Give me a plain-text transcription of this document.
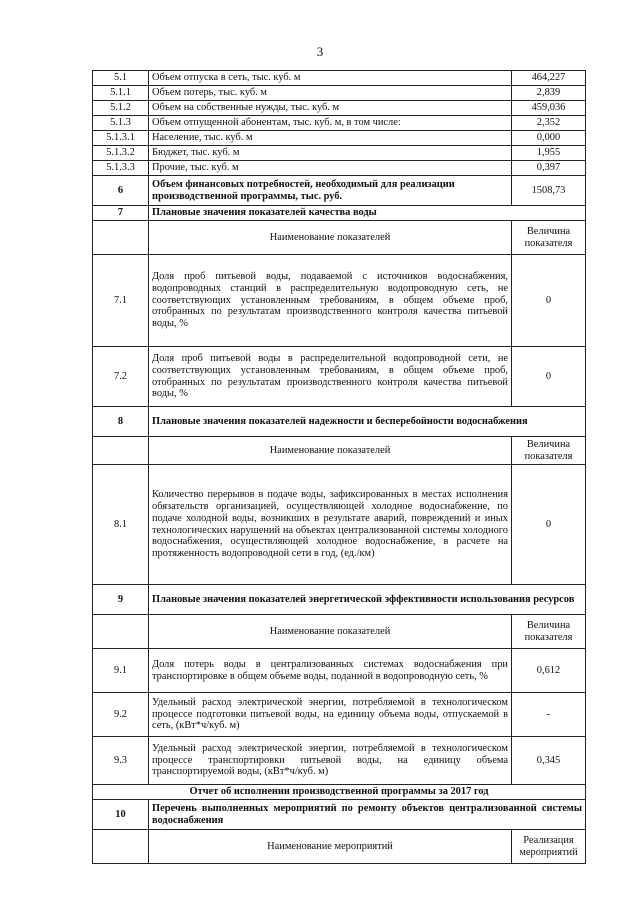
3
5.1	Объем отпуска в сеть, тыс. куб. м	464,227
5.1.1	Объем потерь, тыс. куб. м	2,839
5.1.2	Объем на собственные нужды, тыс. куб. м	459,036
5.1.3	Объем отпущенной абонентам, тыс. куб. м, в том числе:	2,352
5.1.3.1	Население, тыс. куб. м	0,000
5.1.3.2	Бюджет, тыс. куб. м	1,955
5.1.3.3	Прочие, тыс. куб. м	0,397
6	Объем финансовых потребностей, необходимый для реализации производственной программы, тыс. руб.	1508,73
7	Плановые значения показателей качества воды	
	Наименование показателей	Величина показателя
7.1	Доля проб питьевой воды, подаваемой с источников водоснабжения, водопроводных станций в распределительную водопроводную сеть, не соответствующих установленным требованиям, в общем объеме проб, отобранных по результатам производственного контроля качества питьевой воды, %	0
7.2	Доля проб питьевой воды в распределительной водопроводной сети, не соответствующих установленным требованиям, в общем объеме проб, отобранных по результатам производственного контроля качества питьевой воды, %	0
8	Плановые значения показателей надежности и бесперебойности водоснабжения	
	Наименование показателей	Величина показателя
8.1	Количество перерывов в подаче воды, зафиксированных в местах исполнения обязательств организацией, осуществляющей холодное водоснабжение, по подаче холодной воды, возникших в результате аварий, повреждений и иных технологических нарушений на объектах централизованной системы холодного водоснабжения, осуществляющей холодное водоснабжение, в расчете на протяженность водопроводной сети в год, (ед./км)	0
9	Плановые значения показателей энергетической эффективности использования ресурсов	
	Наименование показателей	Величина показателя
9.1	Доля потерь воды в централизованных системах водоснабжения при транспортировке в общем объеме воды, поданной в водопроводную сеть, %	0,612
9.2	Удельный расход электрической энергии, потребляемой в технологическом процессе подготовки питьевой воды, на единицу объема воды, отпускаемой в сеть, (кВт*ч/куб. м)	-
9.3	Удельный расход электрической энергии, потребляемой в технологическом процессе транспортировки питьевой воды, на единицу объема транспортируемой воды, (кВт*ч/куб. м)	0,345
Отчет об исполнении производственной программы за 2017 год		
10	Перечень выполненных мероприятий по ремонту объектов централизованной системы водоснабжения	
	Наименование мероприятий	Реализация мероприятий
